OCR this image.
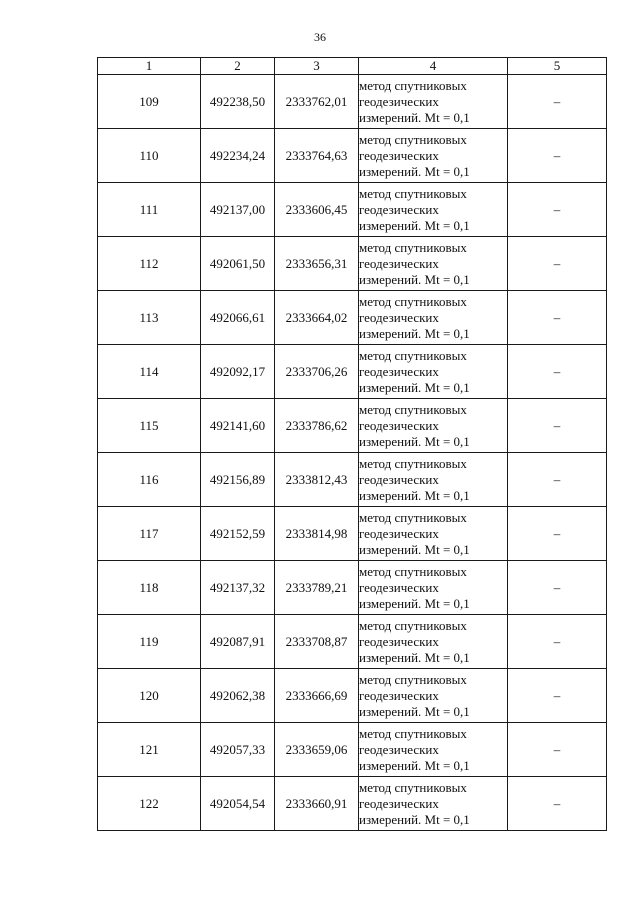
36
1	2	3	4	5
109	492238,50	2333762,01	метод спутниковых
геодезических
измерений. Mt = 0,1	–
110	492234,24	2333764,63	метод спутниковых
геодезических
измерений. Mt = 0,1	–
111	492137,00	2333606,45	метод спутниковых
геодезических
измерений. Mt = 0,1	–
112	492061,50	2333656,31	метод спутниковых
геодезических
измерений. Mt = 0,1	–
113	492066,61	2333664,02	метод спутниковых
геодезических
измерений. Mt = 0,1	–
114	492092,17	2333706,26	метод спутниковых
геодезических
измерений. Mt = 0,1	–
115	492141,60	2333786,62	метод спутниковых
геодезических
измерений. Mt = 0,1	–
116	492156,89	2333812,43	метод спутниковых
геодезических
измерений. Mt = 0,1	–
117	492152,59	2333814,98	метод спутниковых
геодезических
измерений. Mt = 0,1	–
118	492137,32	2333789,21	метод спутниковых
геодезических
измерений. Mt = 0,1	–
119	492087,91	2333708,87	метод спутниковых
геодезических
измерений. Mt = 0,1	–
120	492062,38	2333666,69	метод спутниковых
геодезических
измерений. Mt = 0,1	–
121	492057,33	2333659,06	метод спутниковых
геодезических
измерений. Mt = 0,1	–
122	492054,54	2333660,91	метод спутниковых
геодезических
измерений. Mt = 0,1	–
